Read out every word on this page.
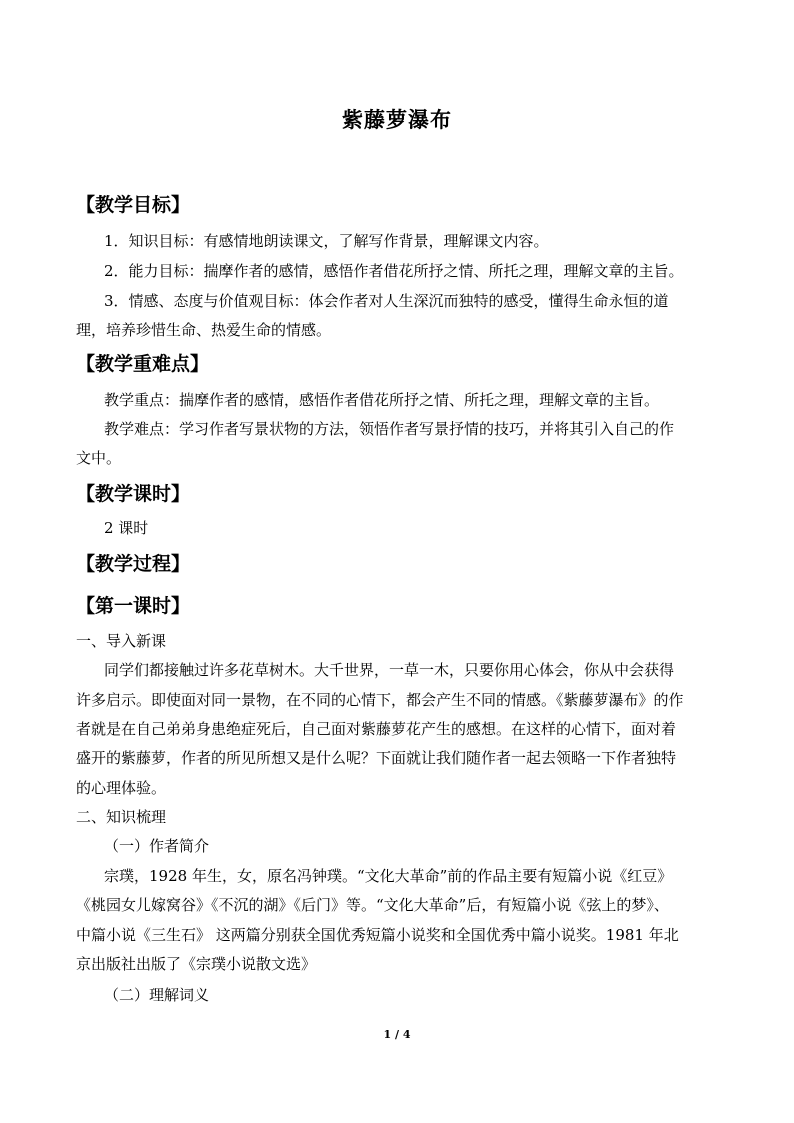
紫藤萝瀑布
【教学目标】
1．知识目标：有感情地朗读课文，了解写作背景，理解课文内容。
2．能力目标：揣摩作者的感情，感悟作者借花所抒之情、所托之理，理解文章的主旨。
3．情感、态度与价值观目标：体会作者对人生深沉而独特的感受，懂得生命永恒的道
理，培养珍惜生命、热爱生命的情感。
【教学重难点】
教学重点：揣摩作者的感情，感悟作者借花所抒之情、所托之理，理解文章的主旨。
教学难点：学习作者写景状物的方法，领悟作者写景抒情的技巧，并将其引入自己的作
文中。
【教学课时】
2 课时
【教学过程】
【第一课时】
一、导入新课
同学们都接触过许多花草树木。大千世界，一草一木，只要你用心体会，你从中会获得
许多启示。即使面对同一景物，在不同的心情下，都会产生不同的情感。《紫藤萝瀑布》的作
者就是在自己弟弟身患绝症死后，自己面对紫藤萝花产生的感想。在这样的心情下，面对着
盛开的紫藤萝，作者的所见所想又是什么呢？下面就让我们随作者一起去领略一下作者独特
的心理体验。
二、知识梳理
（一）作者简介
宗璞，1928 年生，女，原名冯钟璞。“文化大革命”前的作品主要有短篇小说《红豆》
《桃园女儿嫁窝谷》《不沉的湖》《后门》等。“文化大革命”后，有短篇小说《弦上的梦》、
中篇小说《三生石》 这两篇分别获全国优秀短篇小说奖和全国优秀中篇小说奖。1981 年北
京出版社出版了《宗璞小说散文选》
（二）理解词义
1 / 4
